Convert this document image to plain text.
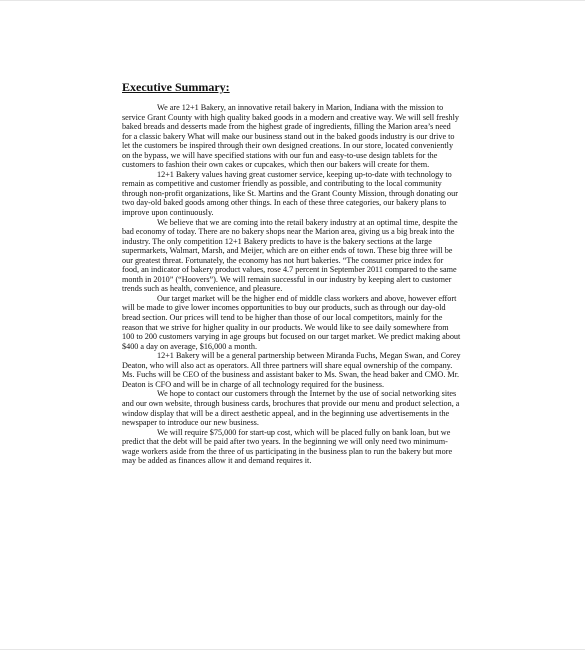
Executive Summary:

We are 12+1 Bakery, an innovative retail bakery in Marion, Indiana with the mission to service Grant County with high quality baked goods in a modern and creative way. We will sell freshly baked breads and desserts made from the highest grade of ingredients, filling the Marion area’s need for a classic bakery What will make our business stand out in the baked goods industry is our drive to let the customers be inspired through their own designed creations. In our store, located conveniently on the bypass, we will have specified stations with our fun and easy-to-use design tablets for the customers to fashion their own cakes or cupcakes, which then our bakers will create for them.

12+1 Bakery values having great customer service, keeping up-to-date with technology to remain as competitive and customer friendly as possible, and contributing to the local community through non-profit organizations, like St. Martins and the Grant County Mission, through donating our two day-old baked goods among other things. In each of these three categories, our bakery plans to improve upon continuously.

We believe that we are coming into the retail bakery industry at an optimal time, despite the bad economy of today. There are no bakery shops near the Marion area, giving us a big break into the industry. The only competition 12+1 Bakery predicts to have is the bakery sections at the large supermarkets, Walmart, Marsh, and Meijer, which are on either ends of town. These big three will be our greatest threat. Fortunately, the economy has not hurt bakeries. “The consumer price index for food, an indicator of bakery product values, rose 4.7 percent in September 2011 compared to the same month in 2010” (“Hoovers”). We will remain successful in our industry by keeping alert to customer trends such as health, convenience, and pleasure.

Our target market will be the higher end of middle class workers and above, however effort will be made to give lower incomes opportunities to buy our products, such as through our day-old bread section. Our prices will tend to be higher than those of our local competitors, mainly for the reason that we strive for higher quality in our products. We would like to see daily somewhere from 100 to 200 customers varying in age groups but focused on our target market. We predict making about $400 a day on average, $16,000 a month.

12+1 Bakery will be a general partnership between Miranda Fuchs, Megan Swan, and Corey Deaton, who will also act as operators. All three partners will share equal ownership of the company. Ms. Fuchs will be CEO of the business and assistant baker to Ms. Swan, the head baker and CMO. Mr. Deaton is CFO and will be in charge of all technology required for the business.

We hope to contact our customers through the Internet by the use of social networking sites and our own website, through business cards, brochures that provide our menu and product selection, a window display that will be a direct aesthetic appeal, and in the beginning use advertisements in the newspaper to introduce our new business.

We will require $75,000 for start-up cost, which will be placed fully on bank loan, but we predict that the debt will be paid after two years. In the beginning we will only need two minimum-wage workers aside from the three of us participating in the business plan to run the bakery but more may be added as finances allow it and demand requires it.
